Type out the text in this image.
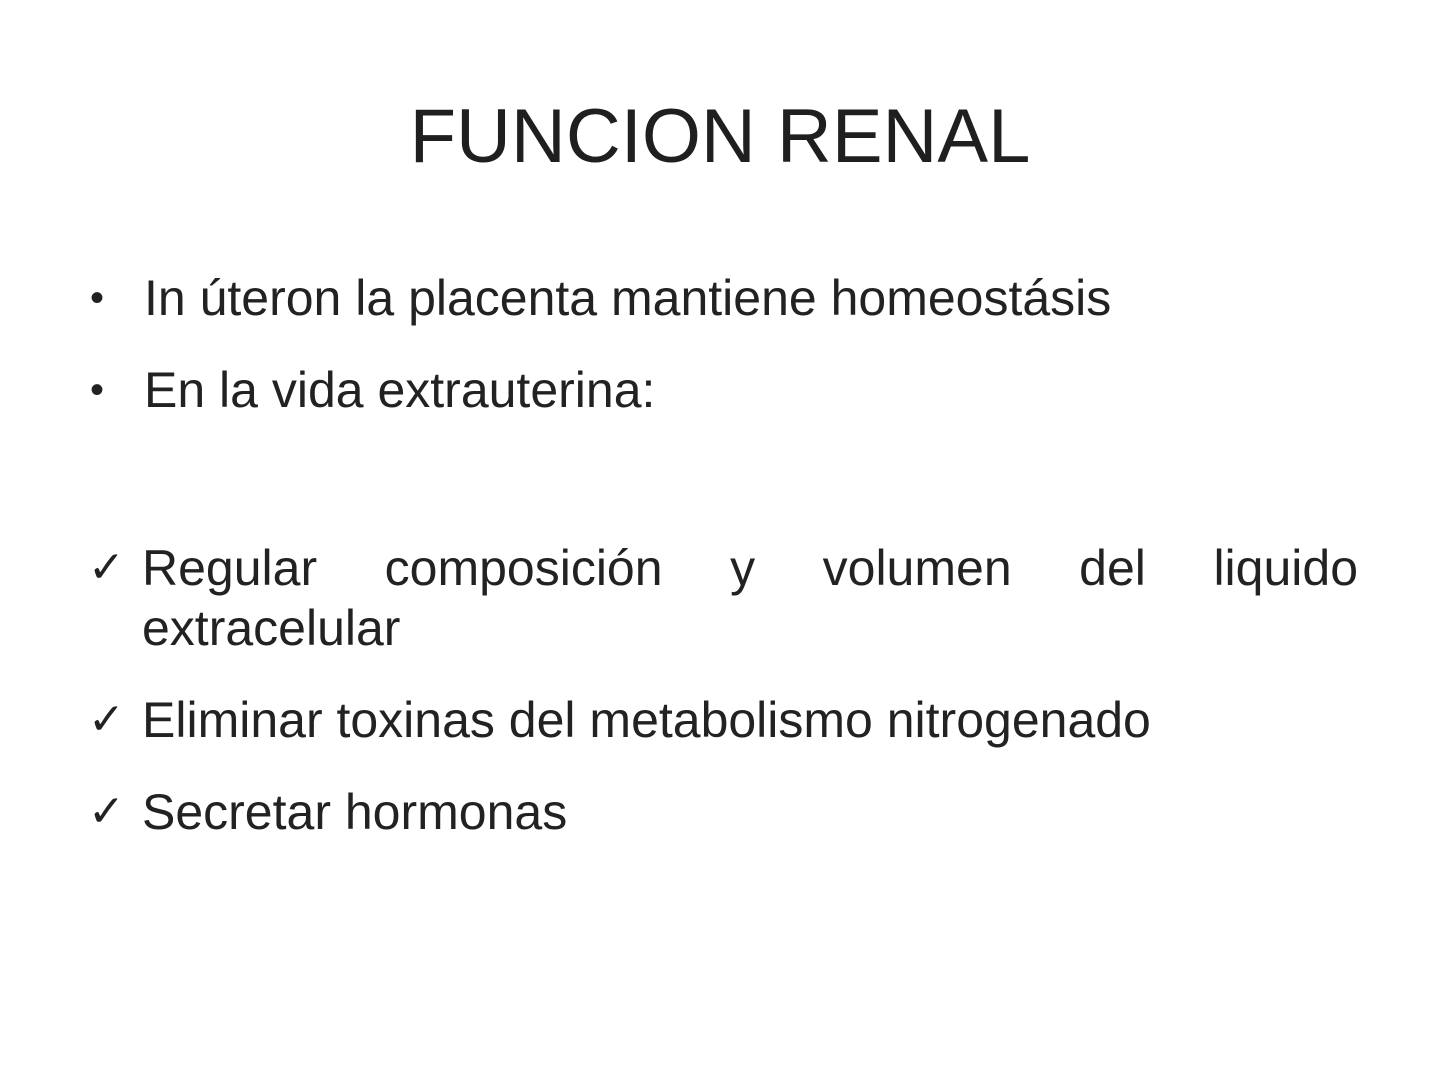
FUNCION RENAL
• In úteron la placenta mantiene homeostásis
• En la vida extrauterina:
✓ Regular composición y volumen del liquido extracelular
✓ Eliminar toxinas del metabolismo nitrogenado
✓ Secretar hormonas
